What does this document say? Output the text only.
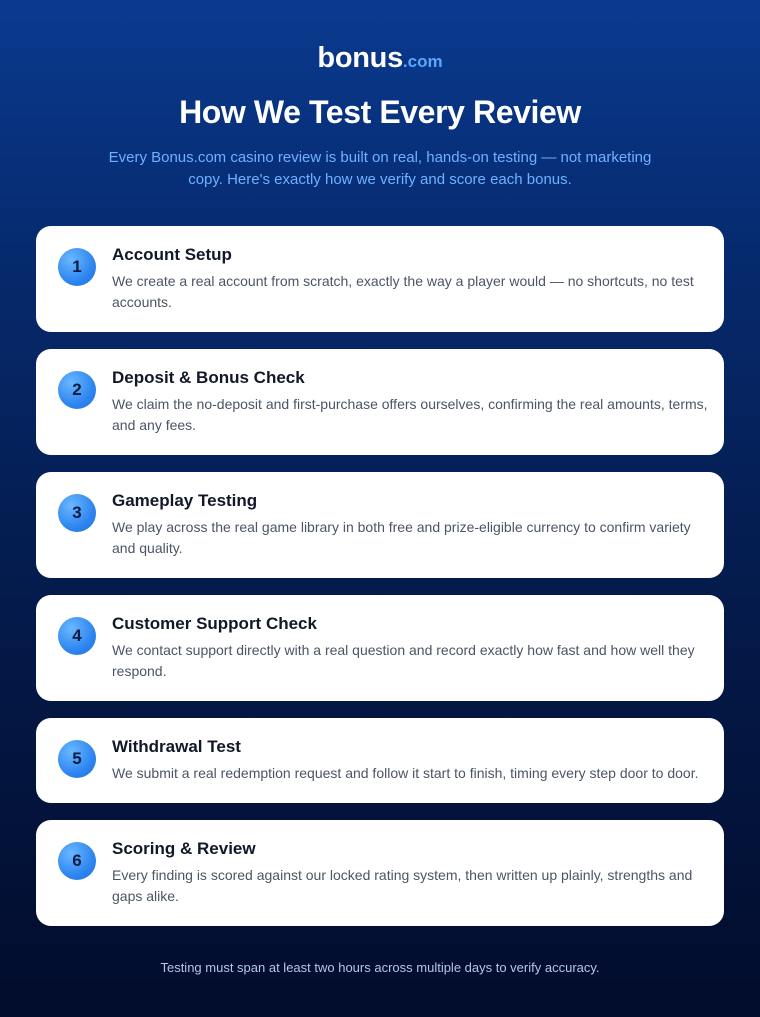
bonus.com
How We Test Every Review

Every Bonus.com casino review is built on real, hands-on testing — not marketing copy. Here's exactly how we verify and score each bonus.

1
Account Setup
We create a real account from scratch, exactly the way a player would — no shortcuts, no test accounts.
2
Deposit & Bonus Check
We claim the no-deposit and first-purchase offers ourselves, confirming the real amounts, terms, and any fees.
3
Gameplay Testing
We play across the real game library in both free and prize-eligible currency to confirm variety and quality.
4
Customer Support Check
We contact support directly with a real question and record exactly how fast and how well they respond.
5
Withdrawal Test
We submit a real redemption request and follow it start to finish, timing every step door to door.
6
Scoring & Review
Every finding is scored against our locked rating system, then written up plainly, strengths and gaps alike.

Testing must span at least two hours across multiple days to verify accuracy.
